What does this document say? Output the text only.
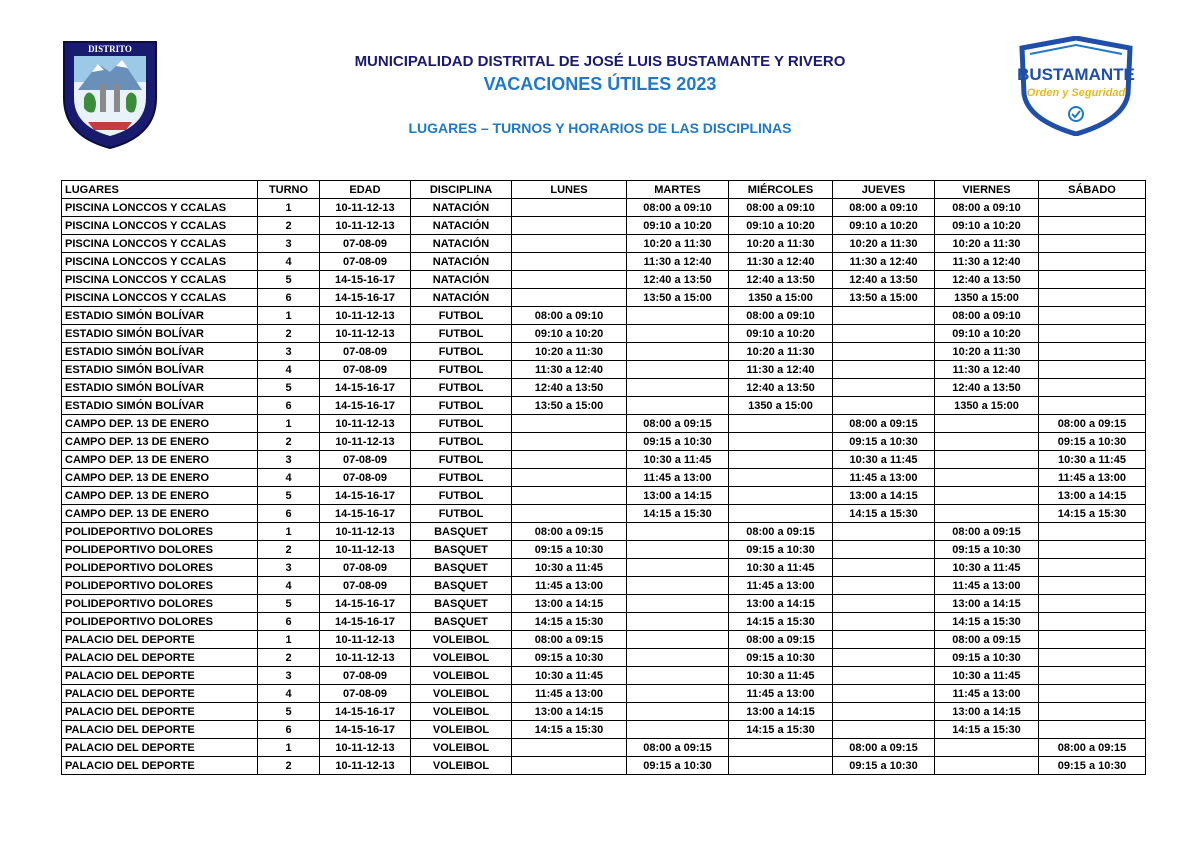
DISTRITO
MUNICIPALIDAD DISTRITAL DE JOSÉ LUIS BUSTAMANTE Y RIVERO
VACACIONES ÚTILES 2023
LUGARES – TURNOS Y HORARIOS DE LAS DISCIPLINAS
BUSTAMANTE
Orden y Seguridad
LUGARES	TURNO	EDAD	DISCIPLINA	LUNES	MARTES	MIÉRCOLES	JUEVES	VIERNES	SÁBADO
PISCINA LONCCOS Y CCALAS	1	10-11-12-13	NATACIÓN		08:00 a 09:10	08:00 a 09:10	08:00 a 09:10	08:00 a 09:10	
PISCINA LONCCOS Y CCALAS	2	10-11-12-13	NATACIÓN		09:10 a 10:20	09:10 a 10:20	09:10 a 10:20	09:10 a 10:20	
PISCINA LONCCOS Y CCALAS	3	07-08-09	NATACIÓN		10:20 a 11:30	10:20 a 11:30	10:20 a 11:30	10:20 a 11:30	
PISCINA LONCCOS Y CCALAS	4	07-08-09	NATACIÓN		11:30 a 12:40	11:30 a 12:40	11:30 a 12:40	11:30 a 12:40	
PISCINA LONCCOS Y CCALAS	5	14-15-16-17	NATACIÓN		12:40 a 13:50	12:40 a 13:50	12:40 a 13:50	12:40 a 13:50	
PISCINA LONCCOS Y CCALAS	6	14-15-16-17	NATACIÓN		13:50 a 15:00	1350 a 15:00	13:50 a 15:00	1350 a 15:00	
ESTADIO SIMÓN BOLÍVAR	1	10-11-12-13	FUTBOL	08:00 a 09:10		08:00 a 09:10		08:00 a 09:10	
ESTADIO SIMÓN BOLÍVAR	2	10-11-12-13	FUTBOL	09:10 a 10:20		09:10 a 10:20		09:10 a 10:20	
ESTADIO SIMÓN BOLÍVAR	3	07-08-09	FUTBOL	10:20 a 11:30		10:20 a 11:30		10:20 a 11:30	
ESTADIO SIMÓN BOLÍVAR	4	07-08-09	FUTBOL	11:30 a 12:40		11:30 a 12:40		11:30 a 12:40	
ESTADIO SIMÓN BOLÍVAR	5	14-15-16-17	FUTBOL	12:40 a 13:50		12:40 a 13:50		12:40 a 13:50	
ESTADIO SIMÓN BOLÍVAR	6	14-15-16-17	FUTBOL	13:50 a 15:00		1350 a 15:00		1350 a 15:00	
CAMPO DEP. 13 DE ENERO	1	10-11-12-13	FUTBOL		08:00 a 09:15		08:00 a 09:15		08:00 a 09:15
CAMPO DEP. 13 DE ENERO	2	10-11-12-13	FUTBOL		09:15 a 10:30		09:15 a 10:30		09:15 a 10:30
CAMPO DEP. 13 DE ENERO	3	07-08-09	FUTBOL		10:30 a 11:45		10:30 a 11:45		10:30 a 11:45
CAMPO DEP. 13 DE ENERO	4	07-08-09	FUTBOL		11:45 a 13:00		11:45 a 13:00		11:45 a 13:00
CAMPO DEP. 13 DE ENERO	5	14-15-16-17	FUTBOL		13:00 a 14:15		13:00 a 14:15		13:00 a 14:15
CAMPO DEP. 13 DE ENERO	6	14-15-16-17	FUTBOL		14:15 a 15:30		14:15 a 15:30		14:15 a 15:30
POLIDEPORTIVO DOLORES	1	10-11-12-13	BASQUET	08:00 a 09:15		08:00 a 09:15		08:00 a 09:15	
POLIDEPORTIVO DOLORES	2	10-11-12-13	BASQUET	09:15 a 10:30		09:15 a 10:30		09:15 a 10:30	
POLIDEPORTIVO DOLORES	3	07-08-09	BASQUET	10:30 a 11:45		10:30 a 11:45		10:30 a 11:45	
POLIDEPORTIVO DOLORES	4	07-08-09	BASQUET	11:45 a 13:00		11:45 a 13:00		11:45 a 13:00	
POLIDEPORTIVO DOLORES	5	14-15-16-17	BASQUET	13:00 a 14:15		13:00 a 14:15		13:00 a 14:15	
POLIDEPORTIVO DOLORES	6	14-15-16-17	BASQUET	14:15 a 15:30		14:15 a 15:30		14:15 a 15:30	
PALACIO DEL DEPORTE	1	10-11-12-13	VOLEIBOL	08:00 a 09:15		08:00 a 09:15		08:00 a 09:15	
PALACIO DEL DEPORTE	2	10-11-12-13	VOLEIBOL	09:15 a 10:30		09:15 a 10:30		09:15 a 10:30	
PALACIO DEL DEPORTE	3	07-08-09	VOLEIBOL	10:30 a 11:45		10:30 a 11:45		10:30 a 11:45	
PALACIO DEL DEPORTE	4	07-08-09	VOLEIBOL	11:45 a 13:00		11:45 a 13:00		11:45 a 13:00	
PALACIO DEL DEPORTE	5	14-15-16-17	VOLEIBOL	13:00 a 14:15		13:00 a 14:15		13:00 a 14:15	
PALACIO DEL DEPORTE	6	14-15-16-17	VOLEIBOL	14:15 a 15:30		14:15 a 15:30		14:15 a 15:30	
PALACIO DEL DEPORTE	1	10-11-12-13	VOLEIBOL		08:00 a 09:15		08:00 a 09:15		08:00 a 09:15
PALACIO DEL DEPORTE	2	10-11-12-13	VOLEIBOL		09:15 a 10:30		09:15 a 10:30		09:15 a 10:30
